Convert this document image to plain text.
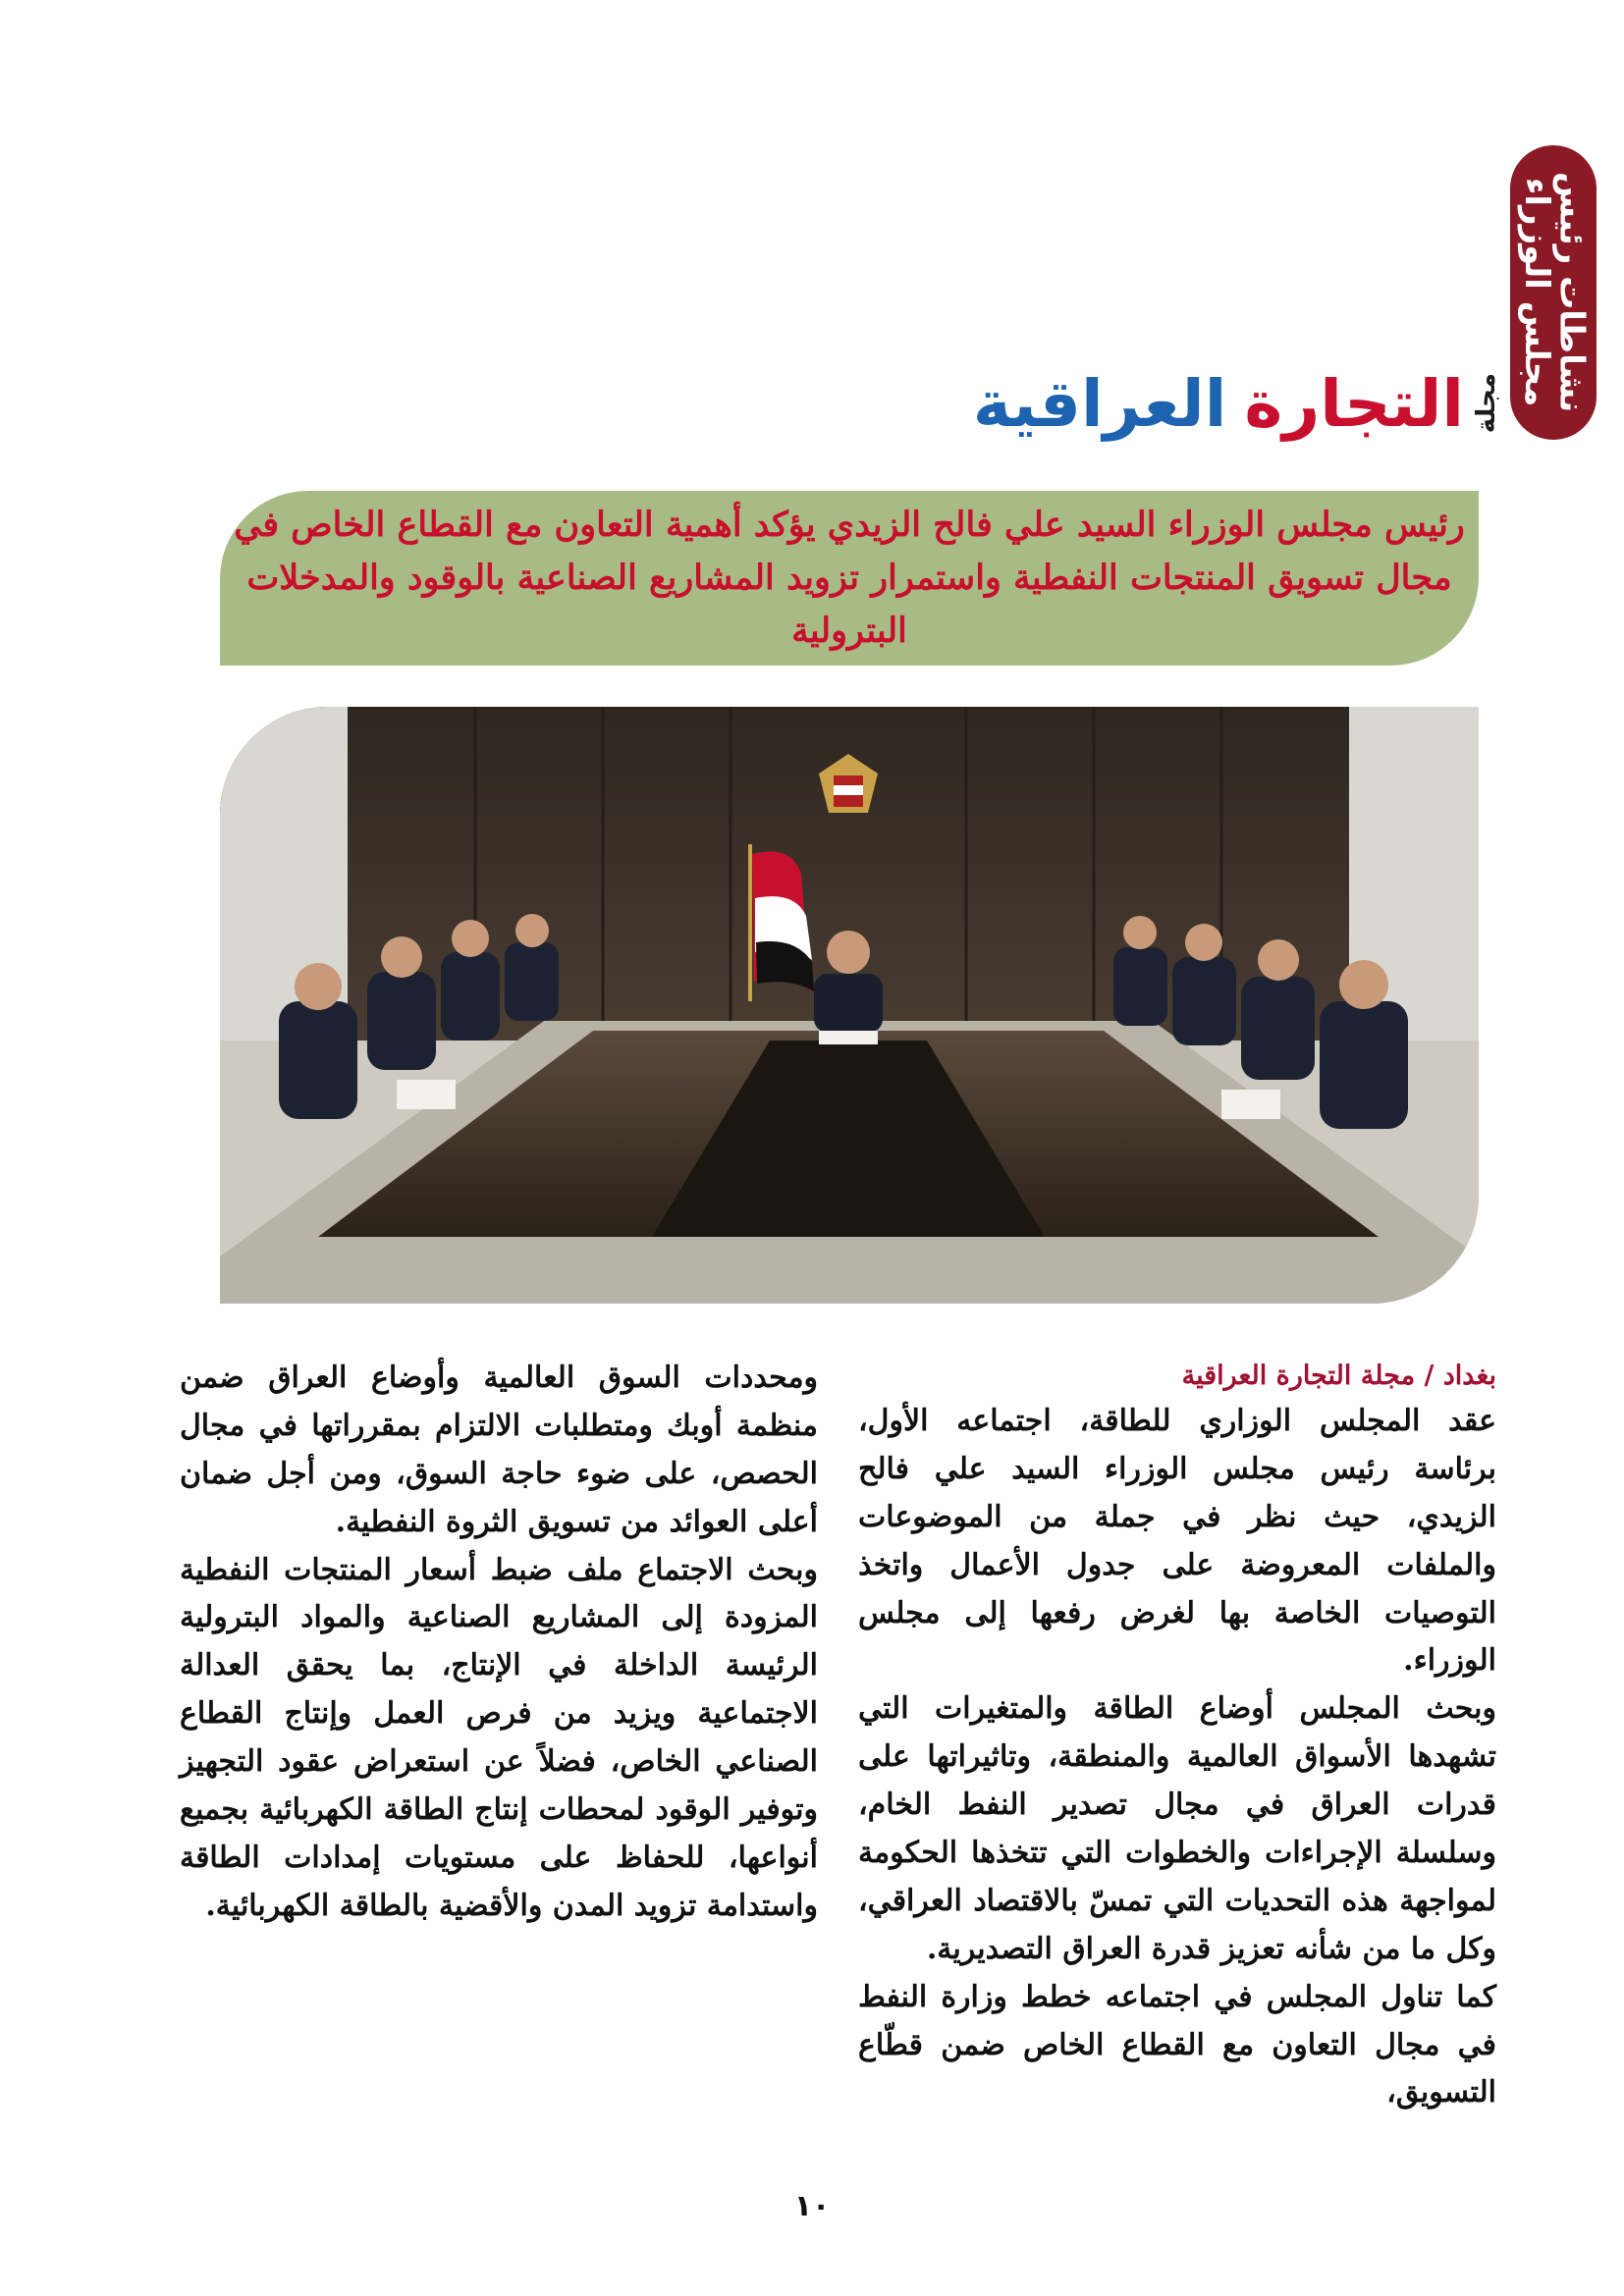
نشاطات رئيس مجلس الوزراء
مجلة
التجارة
العراقية

رئيس مجلس الوزراء السيد علي فالح الزيدي يؤكد أهمية التعاون مع القطاع الخاص في

مجال تسويق المنتجات النفطية واستمرار تزويد المشاريع الصناعية بالوقود والمدخلات البترولية

بغداد / مجلة التجارة العراقية

عقد المجلس الوزاري للطاقة، اجتماعه الأول، برئاسة رئيس مجلس الوزراء السيد علي فالح الزيدي، حيث نظر في جملة من الموضوعات والملفات المعروضة على جدول الأعمال واتخذ التوصيات الخاصة بها لغرض رفعها إلى مجلس الوزراء.

وبحث المجلس أوضاع الطاقة والمتغيرات التي تشهدها الأسواق العالمية والمنطقة، وتاثيراتها على قدرات العراق في مجال تصدير النفط الخام، وسلسلة الإجراءات والخطوات التي تتخذها الحكومة لمواجهة هذه التحديات التي تمسّ بالاقتصاد العراقي، وكل ما من شأنه تعزيز قدرة العراق التصديرية.

كما تناول المجلس في اجتماعه خطط وزارة النفط في مجال التعاون مع القطاع الخاص ضمن قطّاع التسويق،

ومحددات السوق العالمية وأوضاع العراق ضمن منظمة أوبك ومتطلبات الالتزام بمقرراتها في مجال الحصص، على ضوء حاجة السوق، ومن أجل ضمان أعلى العوائد من تسويق الثروة النفطية.

وبحث الاجتماع ملف ضبط أسعار المنتجات النفطية المزودة إلى المشاريع الصناعية والمواد البترولية الرئيسة الداخلة في الإنتاج، بما يحقق العدالة الاجتماعية ويزيد من فرص العمل وإنتاج القطاع الصناعي الخاص، فضلاً عن استعراض عقود التجهيز وتوفير الوقود لمحطات إنتاج الطاقة الكهربائية بجميع أنواعها، للحفاظ على مستويات إمدادات الطاقة واستدامة تزويد المدن والأقضية بالطاقة الكهربائية.

١٠
